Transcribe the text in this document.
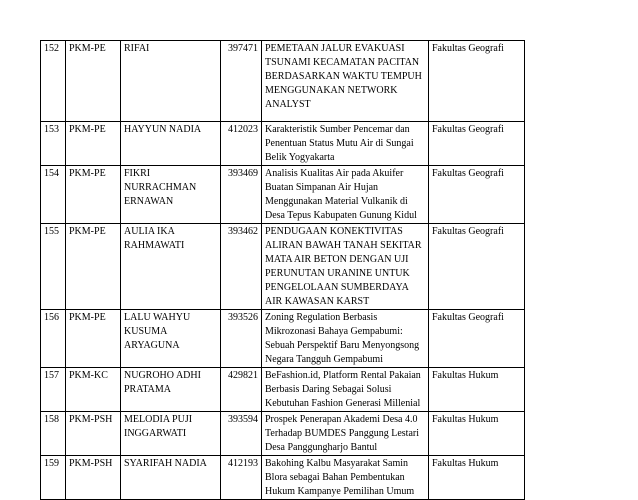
152	PKM-PE	RIFAI	397471	PEMETAAN JALUR EVAKUASI TSUNAMI KECAMATAN PACITAN BERDASARKAN WAKTU TEMPUH MENGGUNAKAN NETWORK ANALYST	Fakultas Geografi
153	PKM-PE	HAYYUN NADIA	412023	Karakteristik Sumber Pencemar dan Penentuan Status Mutu Air di Sungai Belik Yogyakarta	Fakultas Geografi
154	PKM-PE	FIKRI NURRACHMAN ERNAWAN	393469	Analisis Kualitas Air pada Akuifer Buatan Simpanan Air Hujan Menggunakan Material Vulkanik di Desa Tepus Kabupaten Gunung Kidul	Fakultas Geografi
155	PKM-PE	AULIA IKA RAHMAWATI	393462	PENDUGAAN KONEKTIVITAS ALIRAN BAWAH TANAH SEKITAR MATA AIR BETON DENGAN UJI PERUNUTAN URANINE UNTUK PENGELOLAAN SUMBERDAYA AIR KAWASAN KARST	Fakultas Geografi
156	PKM-PE	LALU WAHYU KUSUMA ARYAGUNA	393526	Zoning Regulation Berbasis Mikrozonasi Bahaya Gempabumi: Sebuah Perspektif Baru Menyongsong Negara Tangguh Gempabumi	Fakultas Geografi
157	PKM-KC	NUGROHO ADHI PRATAMA	429821	BeFashion.id, Platform Rental Pakaian Berbasis Daring Sebagai Solusi Kebutuhan Fashion Generasi Millenial	Fakultas Hukum
158	PKM-PSH	MELODIA PUJI INGGARWATI	393594	Prospek Penerapan Akademi Desa 4.0 Terhadap BUMDES Panggung Lestari Desa Panggungharjo Bantul	Fakultas Hukum
159	PKM-PSH	SYARIFAH NADIA	412193	Bakohing Kalbu Masyarakat Samin Blora sebagai Bahan Pembentukan Hukum Kampanye Pemilihan Umum	Fakultas Hukum
